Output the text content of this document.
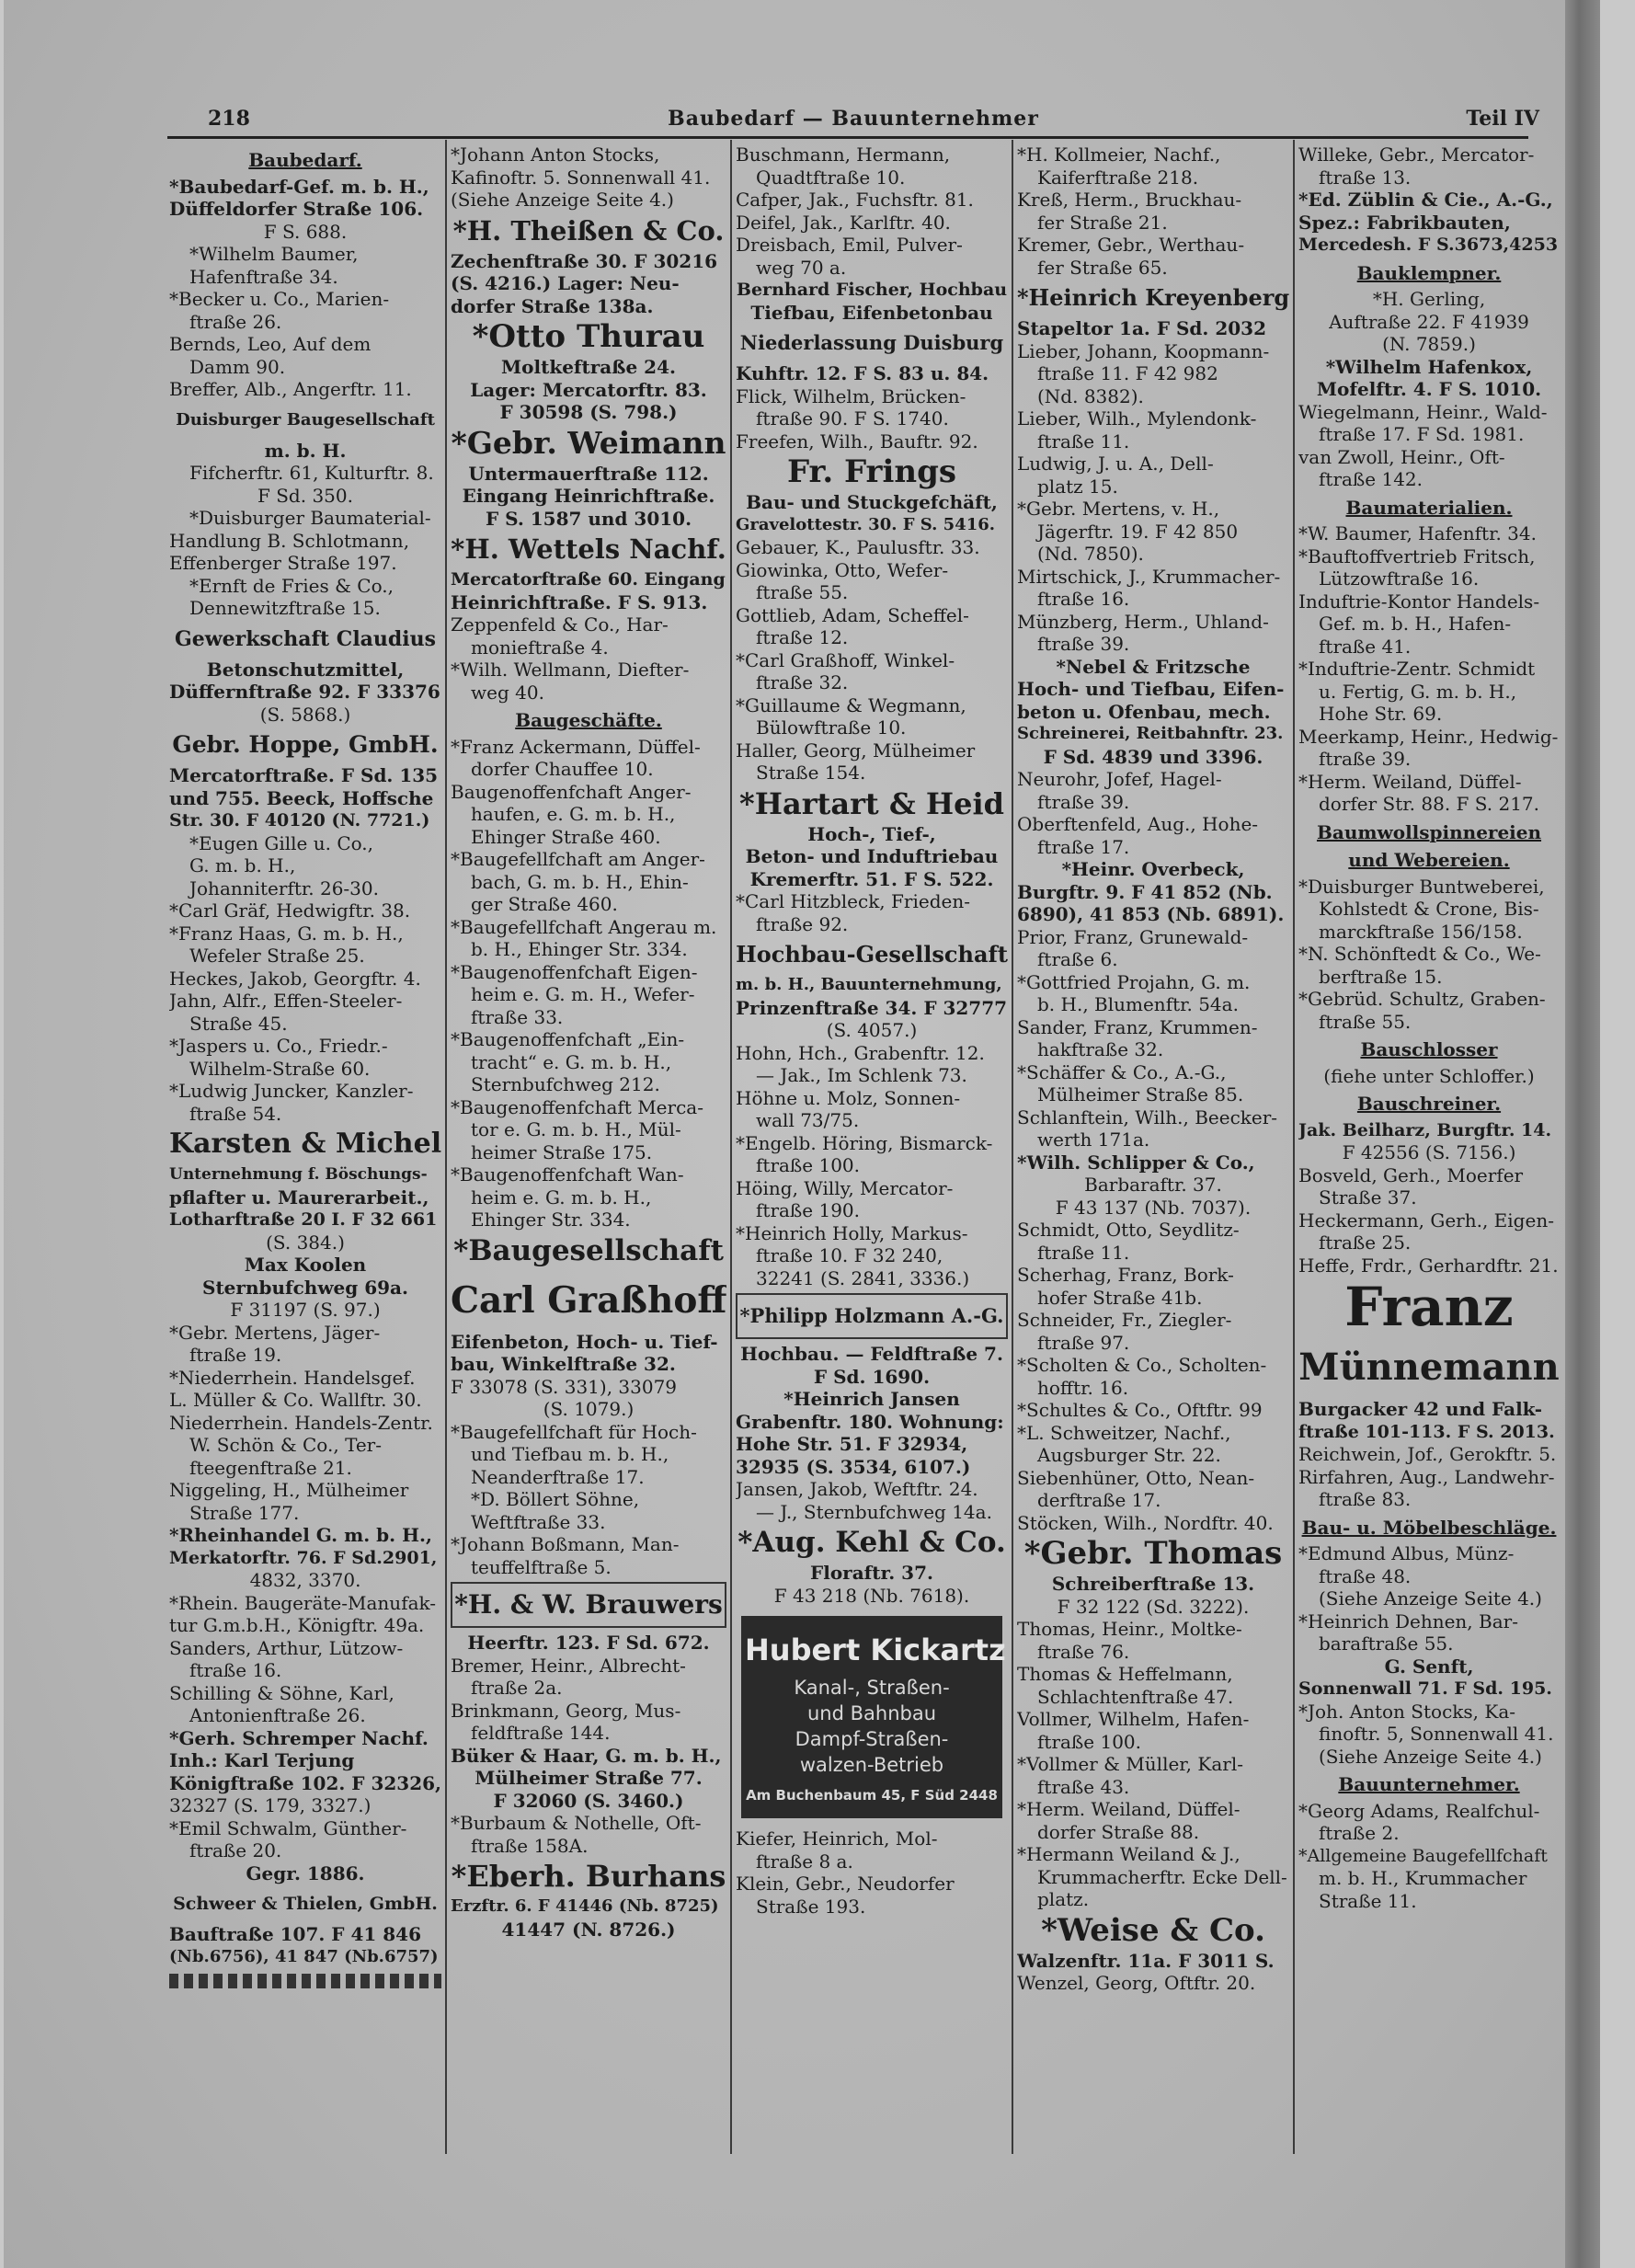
218	Baubedarf — Bauunternehmer	Teil IV
Baubedarf.
*Baubedarf-Gef. m. b. H.,
Düffeldorfer Straße 106.
F S. 688.
*Wilhelm Baumer,
Hafenftraße 34.
*Becker u. Co., Marien-
ftraße 26.
Bernds, Leo, Auf dem
Damm 90.
Breffer, Alb., Angerftr. 11.
Duisburger Baugesellschaft
m. b. H.
Fifcherftr. 61, Kulturftr. 8.
F Sd. 350.
*Duisburger Baumaterial-
Handlung B. Schlotmann,
Effenberger Straße 197.
*Ernft de Fries & Co.,
Dennewitzftraße 15.
Gewerkschaft Claudius
Betonschutzmittel,
Düffernftraße 92. F 33376
(S. 5868.)
Gebr. Hoppe, GmbH.
Mercatorftraße. F Sd. 135
und 755. Beeck, Hoffsche
Str. 30. F 40120 (N. 7721.)
*Eugen Gille u. Co.,
G. m. b. H.,
Johanniterftr. 26-30.
*Carl Gräf, Hedwigftr. 38.
*Franz Haas, G. m. b. H.,
Wefeler Straße 25.
Heckes, Jakob, Georgftr. 4.
Jahn, Alfr., Effen-Steeler-
Straße 45.
*Jaspers u. Co., Friedr.-
Wilhelm-Straße 60.
*Ludwig Juncker, Kanzler-
ftraße 54.
Karsten & Michel
Unternehmung f. Böschungs-
pflafter u. Maurerarbeit.,
Lotharftraße 20 I. F 32 661
(S. 384.)
Max Koolen
Sternbufchweg 69a.
F 31197 (S. 97.)
*Gebr. Mertens, Jäger-
ftraße 19.
*Niederrhein. Handelsgef.
L. Müller & Co. Wallftr. 30.
Niederrhein. Handels-Zentr.
W. Schön & Co., Ter-
fteegenftraße 21.
Niggeling, H., Mülheimer
Straße 177.
*Rheinhandel G. m. b. H.,
Merkatorftr. 76. F Sd.2901,
4832, 3370.
*Rhein. Baugeräte-Manufak-
tur G.m.b.H., Königftr. 49a.
Sanders, Arthur, Lützow-
ftraße 16.
Schilling & Söhne, Karl,
Antonienftraße 26.
*Gerh. Schremper Nachf.
Inh.: Karl Terjung
Königftraße 102. F 32326,
32327 (S. 179, 3327.)
*Emil Schwalm, Günther-
ftraße 20.
Gegr. 1886.
Schweer & Thielen, GmbH.
Bauftraße 107. F 41 846
(Nb.6756), 41 847 (Nb.6757)
*Johann Anton Stocks,
Kafinoftr. 5. Sonnenwall 41.
(Siehe Anzeige Seite 4.)
*H. Theißen & Co.
Zechenftraße 30. F 30216
(S. 4216.) Lager: Neu-
dorfer Straße 138a.
*Otto Thurau
Moltkeftraße 24.
Lager: Mercatorftr. 83.
F 30598 (S. 798.)
*Gebr. Weimann
Untermauerftraße 112.
Eingang Heinrichftraße.
F S. 1587 und 3010.
*H. Wettels Nachf.
Mercatorftraße 60. Eingang
Heinrichftraße. F S. 913.
Zeppenfeld & Co., Har-
monieftraße 4.
*Wilh. Wellmann, Diefter-
weg 40.
Baugeschäfte.
*Franz Ackermann, Düffel-
dorfer Chauffee 10.
Baugenoffenfchaft Anger-
haufen, e. G. m. b. H.,
Ehinger Straße 460.
*Baugefellfchaft am Anger-
bach, G. m. b. H., Ehin-
ger Straße 460.
*Baugefellfchaft Angerau m.
b. H., Ehinger Str. 334.
*Baugenoffenfchaft Eigen-
heim e. G. m. H., Wefer-
ftraße 33.
*Baugenoffenfchaft „Ein-
tracht“ e. G. m. b. H.,
Sternbufchweg 212.
*Baugenoffenfchaft Merca-
tor e. G. m. b. H., Mül-
heimer Straße 175.
*Baugenoffenfchaft Wan-
heim e. G. m. b. H.,
Ehinger Str. 334.
*Baugesellschaft
Carl Graßhoff
Eifenbeton, Hoch- u. Tief-
bau, Winkelftraße 32.
F 33078 (S. 331), 33079
(S. 1079.)
*Baugefellfchaft für Hoch-
und Tiefbau m. b. H.,
Neanderftraße 17.
*D. Böllert Söhne,
Weftftraße 33.
*Johann Boßmann, Man-
teuffelftraße 5.
*H. & W. Brauwers
Heerftr. 123. F Sd. 672.
Bremer, Heinr., Albrecht-
ftraße 2a.
Brinkmann, Georg, Mus-
feldftraße 144.
Büker & Haar, G. m. b. H.,
Mülheimer Straße 77.
F 32060 (S. 3460.)
*Burbaum & Nothelle, Oft-
ftraße 158A.
*Eberh. Burhans
Erzftr. 6. F 41446 (Nb. 8725)
41447 (N. 8726.)
Buschmann, Hermann,
Quadtftraße 10.
Cafper, Jak., Fuchsftr. 81.
Deifel, Jak., Karlftr. 40.
Dreisbach, Emil, Pulver-
weg 70 a.
Bernhard Fischer, Hochbau
Tiefbau, Eifenbetonbau
Niederlassung Duisburg
Kuhftr. 12. F S. 83 u. 84.
Flick, Wilhelm, Brücken-
ftraße 90. F S. 1740.
Freefen, Wilh., Bauftr. 92.
Fr. Frings
Bau- und Stuckgefchäft,
Gravelottestr. 30. F S. 5416.
Gebauer, K., Paulusftr. 33.
Giowinka, Otto, Wefer-
ftraße 55.
Gottlieb, Adam, Scheffel-
ftraße 12.
*Carl Graßhoff, Winkel-
ftraße 32.
*Guillaume & Wegmann,
Bülowftraße 10.
Haller, Georg, Mülheimer
Straße 154.
*Hartart & Heid
Hoch-, Tief-,
Beton- und Induftriebau
Kremerftr. 51. F S. 522.
*Carl Hitzbleck, Frieden-
ftraße 92.
Hochbau-Gesellschaft
m. b. H., Bauunternehmung,
Prinzenftraße 34. F 32777
(S. 4057.)
Hohn, Hch., Grabenftr. 12.
— Jak., Im Schlenk 73.
Höhne u. Molz, Sonnen-
wall 73/75.
*Engelb. Höring, Bismarck-
ftraße 100.
Höing, Willy, Mercator-
ftraße 190.
*Heinrich Holly, Markus-
ftraße 10. F 32 240,
32241 (S. 2841, 3336.)
*Philipp Holzmann A.-G.
Hochbau. — Feldftraße 7.
F Sd. 1690.
*Heinrich Jansen
Grabenftr. 180. Wohnung:
Hohe Str. 51. F 32934,
32935 (S. 3534, 6107.)
Jansen, Jakob, Weftftr. 24.
— J., Sternbufchweg 14a.
*Aug. Kehl & Co.
Floraftr. 37.
F 43 218 (Nb. 7618).
Hubert Kickartz
Kanal-, Straßen-
und Bahnbau
Dampf-Straßen-
walzen-Betrieb
Am Buchenbaum 45, F Süd 2448
Kiefer, Heinrich, Mol-
ftraße 8 a.
Klein, Gebr., Neudorfer
Straße 193.
*H. Kollmeier, Nachf.,
Kaiferftraße 218.
Kreß, Herm., Bruckhau-
fer Straße 21.
Kremer, Gebr., Werthau-
fer Straße 65.
*Heinrich Kreyenberg
Stapeltor 1a. F Sd. 2032
Lieber, Johann, Koopmann-
ftraße 11. F 42 982
(Nd. 8382).
Lieber, Wilh., Mylendonk-
ftraße 11.
Ludwig, J. u. A., Dell-
platz 15.
*Gebr. Mertens, v. H.,
Jägerftr. 19. F 42 850
(Nd. 7850).
Mirtschick, J., Krummacher-
ftraße 16.
Münzberg, Herm., Uhland-
ftraße 39.
*Nebel & Fritzsche
Hoch- und Tiefbau, Eifen-
beton u. Ofenbau, mech.
Schreinerei, Reitbahnftr. 23.
F Sd. 4839 und 3396.
Neurohr, Jofef, Hagel-
ftraße 39.
Oberftenfeld, Aug., Hohe-
ftraße 17.
*Heinr. Overbeck,
Burgftr. 9. F 41 852 (Nb.
6890), 41 853 (Nb. 6891).
Prior, Franz, Grunewald-
ftraße 6.
*Gottfried Projahn, G. m.
b. H., Blumenftr. 54a.
Sander, Franz, Krummen-
hakftraße 32.
*Schäffer & Co., A.-G.,
Mülheimer Straße 85.
Schlanftein, Wilh., Beecker-
werth 171a.
*Wilh. Schlipper & Co.,
Barbaraftr. 37.
F 43 137 (Nb. 7037).
Schmidt, Otto, Seydlitz-
ftraße 11.
Scherhag, Franz, Bork-
hofer Straße 41b.
Schneider, Fr., Ziegler-
ftraße 97.
*Scholten & Co., Scholten-
hofftr. 16.
*Schultes & Co., Oftftr. 99
*L. Schweitzer, Nachf.,
Augsburger Str. 22.
Siebenhüner, Otto, Nean-
derftraße 17.
Stöcken, Wilh., Nordftr. 40.
*Gebr. Thomas
Schreiberftraße 13.
F 32 122 (Sd. 3222).
Thomas, Heinr., Moltke-
ftraße 76.
Thomas & Heffelmann,
Schlachtenftraße 47.
Vollmer, Wilhelm, Hafen-
ftraße 100.
*Vollmer & Müller, Karl-
ftraße 43.
*Herm. Weiland, Düffel-
dorfer Straße 88.
*Hermann Weiland & J.,
Krummacherftr. Ecke Dell-
platz.
*Weise & Co.
Walzenftr. 11a. F 3011 S.
Wenzel, Georg, Oftftr. 20.
Willeke, Gebr., Mercator-
ftraße 13.
*Ed. Züblin & Cie., A.-G.,
Spez.: Fabrikbauten,
Mercedesh. F S.3673,4253
Bauklempner.
*H. Gerling,
Auftraße 22. F 41939
(N. 7859.)
*Wilhelm Hafenkox,
Mofelftr. 4. F S. 1010.
Wiegelmann, Heinr., Wald-
ftraße 17. F Sd. 1981.
van Zwoll, Heinr., Oft-
ftraße 142.
Baumaterialien.
*W. Baumer, Hafenftr. 34.
*Bauftoffvertrieb Fritsch,
Lützowftraße 16.
Induftrie-Kontor Handels-
Gef. m. b. H., Hafen-
ftraße 41.
*Induftrie-Zentr. Schmidt
u. Fertig, G. m. b. H.,
Hohe Str. 69.
Meerkamp, Heinr., Hedwig-
ftraße 39.
*Herm. Weiland, Düffel-
dorfer Str. 88. F S. 217.
Baumwollspinnereien
und Webereien.
*Duisburger Buntweberei,
Kohlstedt & Crone, Bis-
marckftraße 156/158.
*N. Schönftedt & Co., We-
berftraße 15.
*Gebrüd. Schultz, Graben-
ftraße 55.
Bauschlosser
(fiehe unter Schloffer.)
Bauschreiner.
Jak. Beilharz, Burgftr. 14.
F 42556 (S. 7156.)
Bosveld, Gerh., Moerfer
Straße 37.
Heckermann, Gerh., Eigen-
ftraße 25.
Heffe, Frdr., Gerhardftr. 21.
Franz
Münnemann
Burgacker 42 und Falk-
ftraße 101-113. F S. 2013.
Reichwein, Jof., Gerokftr. 5.
Rirfahren, Aug., Landwehr-
ftraße 83.
Bau- u. Möbelbeschläge.
*Edmund Albus, Münz-
ftraße 48.
(Siehe Anzeige Seite 4.)
*Heinrich Dehnen, Bar-
baraftraße 55.
G. Senft,
Sonnenwall 71. F Sd. 195.
*Joh. Anton Stocks, Ka-
finoftr. 5, Sonnenwall 41.
(Siehe Anzeige Seite 4.)
Bauunternehmer.
*Georg Adams, Realfchul-
ftraße 2.
*Allgemeine Baugefellfchaft
m. b. H., Krummacher
Straße 11.
